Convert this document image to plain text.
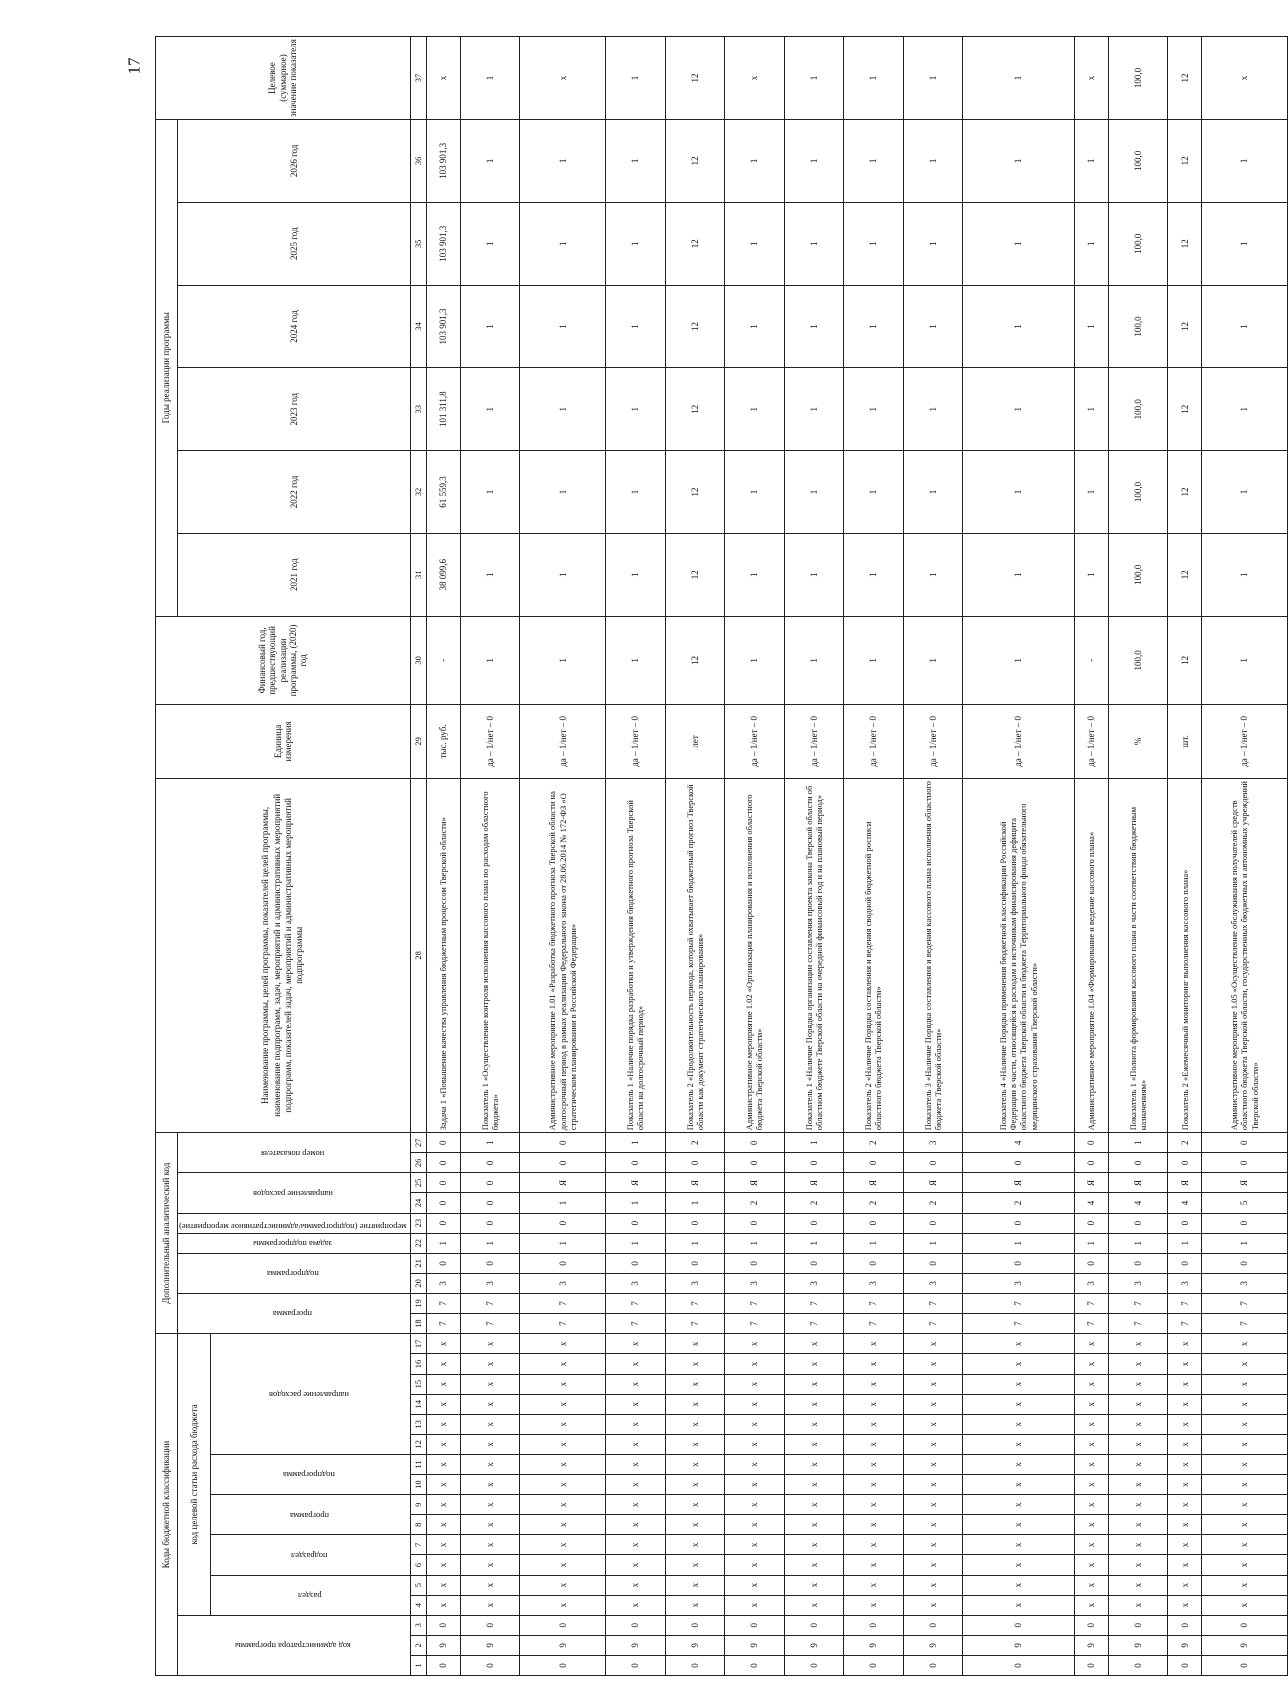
17
Коды бюджетной классификации																	Дополнительный аналитический код										Наименование программы, целей программы, показателей целей программы, наименование подпрограмм, задач, мероприятий и административных мероприятий подпрограмм, показателей задач, мероприятий и административных мероприятий подпрограммы	Единица измерения	Финансовый год, предшествующий реализации программы, (2020) год	Годы реализации программы						Целевое (суммарное) значение показателя
код администратора программы			код целевой статьи расхода бюджета														программа		подпрограмма		задача подпрограммы	мероприятие (подпрограммы/административное мероприятие)	направление расходов		номер показателя					2021 год	2022 год	2023 год	2024 год	2025 год	2026 год	
			раздел		подраздел		программа		подпрограмма		направление расходов																									
1	2	3	4	5	6	7	8	9	10	11	12	13	14	15	16	17	18	19	20	21	22	23	24	25	26	27	28	29	30	31	32	33	34	35	36	37
0	9	0	x	x	x	x	x	x	x	x	x	x	x	x	x	x	7	7	3	0	1	0	0	0	0	0	Задача 1 «Повышение качества управления бюджетным процессом Тверской области»	тыс. руб.	-	38 099,6	61 559,3	101 311,8	103 901,3	103 901,3	103 901,3	x
0	9	0	x	x	x	x	x	x	x	x	x	x	x	x	x	x	7	7	3	0	1	0	0	0	0	1	Показатель 1 «Осуществление контроля исполнения кассового плана по расходам областного бюджета»	да – 1/нет – 0	1	1	1	1	1	1	1	1
0	9	0	x	x	x	x	x	x	x	x	x	x	x	x	x	x	7	7	3	0	1	0	1	Я	0	0	Административное мероприятие 1.01 «Разработка бюджетного прогноза Тверской области на долгосрочный период в рамках реализации Федерального закона от 28.06.2014 № 172-ФЗ «О стратегическом планировании в Российской Федерации»	да – 1/нет – 0	1	1	1	1	1	1	1	x
0	9	0	x	x	x	x	x	x	x	x	x	x	x	x	x	x	7	7	3	0	1	0	1	Я	0	1	Показатель 1 «Наличие порядка разработки и утверждения бюджетного прогноза Тверской области на долгосрочный период»	да – 1/нет – 0	1	1	1	1	1	1	1	1
0	9	0	x	x	x	x	x	x	x	x	x	x	x	x	x	x	7	7	3	0	1	0	1	Я	0	2	Показатель 2 «Продолжительность периода, который охватывает бюджетный прогноз Тверской области как документ стратегического планирования»	лет	12	12	12	12	12	12	12	12
0	9	0	x	x	x	x	x	x	x	x	x	x	x	x	x	x	7	7	3	0	1	0	2	Я	0	0	Административное мероприятие 1.02 «Организация планирования и исполнения областного бюджета Тверской области»	да – 1/нет – 0	1	1	1	1	1	1	1	x
0	9	0	x	x	x	x	x	x	x	x	x	x	x	x	x	x	7	7	3	0	1	0	2	Я	0	1	Показатель 1 «Наличие Порядка организации составления проекта закона Тверской области об областном бюджете Тверской области на очередной финансовый год и на плановый период»	да – 1/нет – 0	1	1	1	1	1	1	1	1
0	9	0	x	x	x	x	x	x	x	x	x	x	x	x	x	x	7	7	3	0	1	0	2	Я	0	2	Показатель 2 «Наличие Порядка составления и ведения сводной бюджетной росписи областного бюджета Тверской области»	да – 1/нет – 0	1	1	1	1	1	1	1	1
0	9	0	x	x	x	x	x	x	x	x	x	x	x	x	x	x	7	7	3	0	1	0	2	Я	0	3	Показатель 3 «Наличие Порядка составления и ведения кассового плана исполнения областного бюджета Тверской области»	да – 1/нет – 0	1	1	1	1	1	1	1	1
0	9	0	x	x	x	x	x	x	x	x	x	x	x	x	x	x	7	7	3	0	1	0	2	Я	0	4	Показатель 4 «Наличие Порядка применения бюджетной классификации Российской Федерации в части, относящейся к расходам и источникам финансирования дефицита областного бюджета Тверской области и бюджета Территориального фонда обязательного медицинского страхования Тверской области»	да – 1/нет – 0	1	1	1	1	1	1	1	1
0	9	0	x	x	x	x	x	x	x	x	x	x	x	x	x	x	7	7	3	0	1	0	4	Я	0	0	Административное мероприятие 1.04 «Формирование и ведение кассового плана»	да – 1/нет – 0	-	1	1	1	1	1	1	x
0	9	0	x	x	x	x	x	x	x	x	x	x	x	x	x	x	7	7	3	0	1	0	4	Я	0	1	Показатель 1 «Полнота формирования кассового плана в части соответствия бюджетным назначениям»	%	100,0	100,0	100,0	100,0	100,0	100,0	100,0	100,0
0	9	0	x	x	x	x	x	x	x	x	x	x	x	x	x	x	7	7	3	0	1	0	4	Я	0	2	Показатель 2 «Ежемесячный мониторинг выполнения кассового плана»	шт.	12	12	12	12	12	12	12	12
0	9	0	x	x	x	x	x	x	x	x	x	x	x	x	x	x	7	7	3	0	1	0	5	Я	0	0	Административное мероприятие 1.05 «Осуществление обслуживания получателей средств областного бюджета Тверской области, государственных бюджетных и автономных учреждений Тверской области»	да – 1/нет – 0	1	1	1	1	1	1	1	x
